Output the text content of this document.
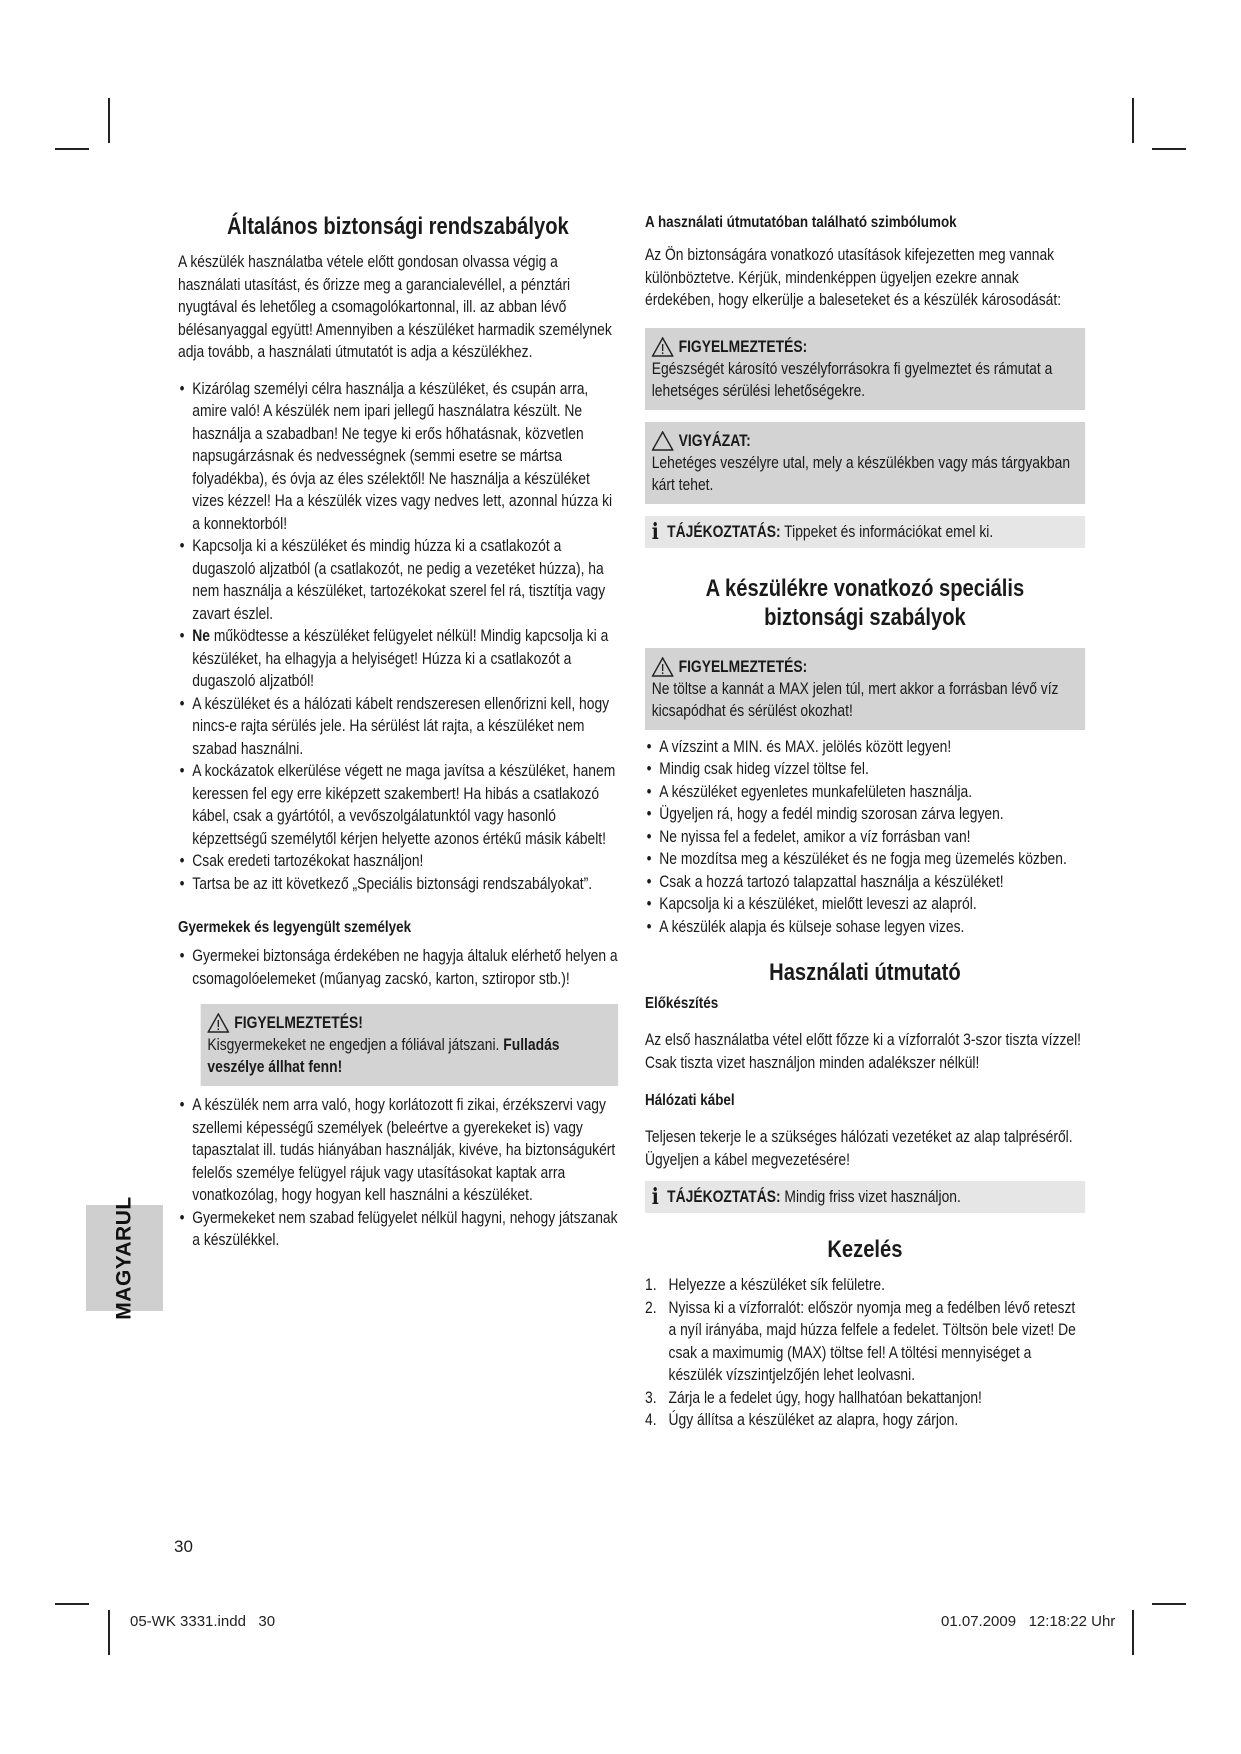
Általános biztonsági rendszabályok

A készülék használatba vétele előtt gondosan olvassa végig a használati utasítást, és őrizze meg a garancialevéllel, a pénztári nyugtával és lehetőleg a csomagolókartonnal, ill. az abban lévő bélésanyaggal együtt! Amennyiben a készüléket harmadik személynek adja tovább, a használati útmutatót is adja a készülékhez.

• Kizárólag személyi célra használja a készüléket, és csupán arra, amire való! A készülék nem ipari jellegű használatra készült. Ne használja a szabadban! Ne tegye ki erős hőhatásnak, közvetlen napsugárzásnak és nedvességnek (semmi esetre se mártsa folyadékba), és óvja az éles szélektől! Ne használja a készüléket vizes kézzel! Ha a készülék vizes vagy nedves lett, azonnal húzza ki a konnektorból!
• Kapcsolja ki a készüléket és mindig húzza ki a csatlakozót a dugaszoló aljzatból (a csatlakozót, ne pedig a vezetéket húzza), ha nem használja a készüléket, tartozékokat szerel fel rá, tisztítja vagy zavart észlel.
• Ne működtesse a készüléket felügyelet nélkül! Mindig kapcsolja ki a készüléket, ha elhagyja a helyiséget! Húzza ki a csatlakozót a dugaszoló aljzatból!
• A készüléket és a hálózati kábelt rendszeresen ellenőrizni kell, hogy nincs-e rajta sérülés jele. Ha sérülést lát rajta, a készüléket nem szabad használni.
• A kockázatok elkerülése végett ne maga javítsa a készüléket, hanem keressen fel egy erre kiképzett szakembert! Ha hibás a csatlakozó kábel, csak a gyártótól, a vevőszolgálatunktól vagy hasonló képzettségű személytől kérjen helyette azonos értékű másik kábelt!
• Csak eredeti tartozékokat használjon!
• Tartsa be az itt következő „Speciális biztonsági rendszabályokat”.
Gyermekek és legyengült személyek
• Gyermekei biztonsága érdekében ne hagyja általuk elérhető helyen a csomagolóelemeket (műanyag zacskó, karton, sztiropor stb.)!
FIGYELMEZTETÉS!

Kisgyermekeket ne engedjen a fóliával játszani. Fulladás veszélye állhat fenn!

• A készülék nem arra való, hogy korlátozott fi zikai, érzékszervi vagy szellemi képességű személyek (beleértve a gyerekeket is) vagy tapasztalat ill. tudás hiányában használják, kivéve, ha biztonságukért felelős személye felügyel rájuk vagy utasításokat kaptak arra vonatkozólag, hogy hogyan kell használni a készüléket.
• Gyermekeket nem szabad felügyelet nélkül hagyni, nehogy játszanak a készülékkel.
A használati útmutatóban található szimbólumok

Az Ön biztonságára vonatkozó utasítások kifejezetten meg vannak különböztetve. Kérjük, mindenképpen ügyeljen ezekre annak érdekében, hogy elkerülje a baleseteket és a készülék károsodását:

FIGYELMEZTETÉS:

Egészségét károsító veszélyforrásokra fi gyelmeztet és rámutat a lehetséges sérülési lehetőségekre.

VIGYÁZAT:

Lehetéges veszélyre utal, mely a készülékben vagy más tárgyakban kárt tehet.

i TÁJÉKOZTATÁS: Tippeket és információkat emel ki.
A készülékre vonatkozó speciális
biztonsági szabályok
FIGYELMEZTETÉS:

Ne töltse a kannát a MAX jelen túl, mert akkor a forrásban lévő víz kicsapódhat és sérülést okozhat!

• A vízszint a MIN. és MAX. jelölés között legyen!
• Mindig csak hideg vízzel töltse fel.
• A készüléket egyenletes munkafelületen használja.
• Ügyeljen rá, hogy a fedél mindig szorosan zárva legyen.
• Ne nyissa fel a fedelet, amikor a víz forrásban van!
• Ne mozdítsa meg a készüléket és ne fogja meg üzemelés közben.
• Csak a hozzá tartozó talapzattal használja a készüléket!
• Kapcsolja ki a készüléket, mielőtt leveszi az alapról.
• A készülék alapja és külseje sohase legyen vizes.
Használati útmutató
Előkészítés

Az első használatba vétel előtt főzze ki a vízforralót 3-szor tiszta vízzel! Csak tiszta vizet használjon minden adalékszer nélkül!

Hálózati kábel

Teljesen tekerje le a szükséges hálózati vezetéket az alap talpréséről. Ügyeljen a kábel megvezetésére!

i TÁJÉKOZTATÁS: Mindig friss vizet használjon.
Kezelés
1. Helyezze a készüléket sík felületre.
2. Nyissa ki a vízforralót: először nyomja meg a fedélben lévő reteszt a nyíl irányába, majd húzza felfele a fedelet. Töltsön bele vizet! De csak a maximumig (MAX) töltse fel! A töltési mennyiséget a készülék vízszintjelzőjén lehet leolvasni.
3. Zárja le a fedelet úgy, hogy hallhatóan bekattanjon!
4. Úgy állítsa a készüléket az alapra, hogy zárjon.
MAGYARUL
30
05-WK 3331.indd   30	01.07.2009   12:18:22 Uhr
